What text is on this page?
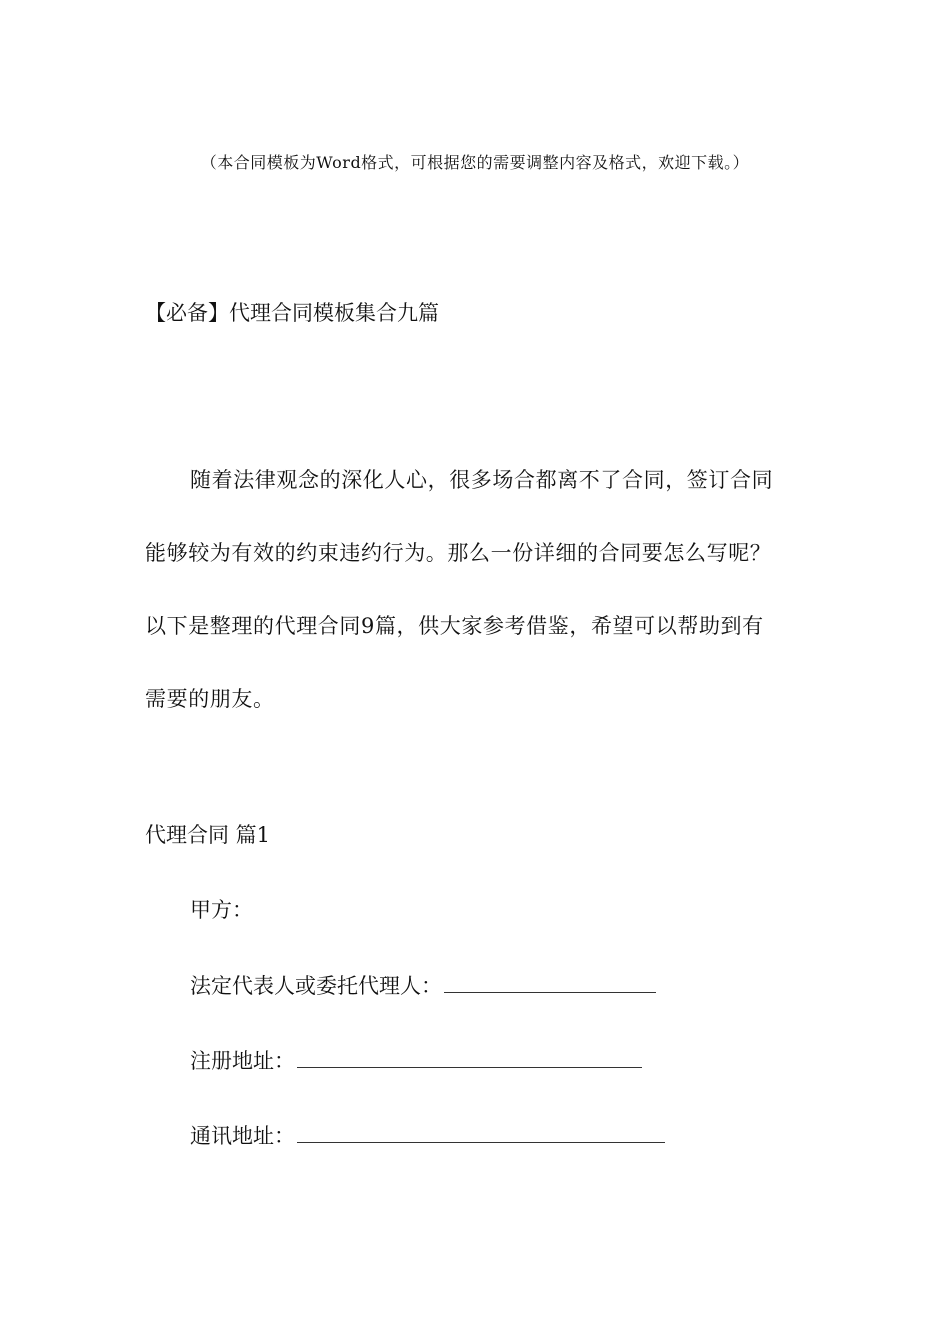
（本合同模板为Word格式，可根据您的需要调整内容及格式，欢迎下载。）
【必备】代理合同模板集合九篇
随着法律观念的深化人心，很多场合都离不了合同，签订合同
能够较为有效的约束违约行为。那么一份详细的合同要怎么写呢？
以下是整理的代理合同9篇，供大家参考借鉴，希望可以帮助到有
需要的朋友。
代理合同 篇1
甲方：
法定代表人或委托代理人：
注册地址：
通讯地址：
